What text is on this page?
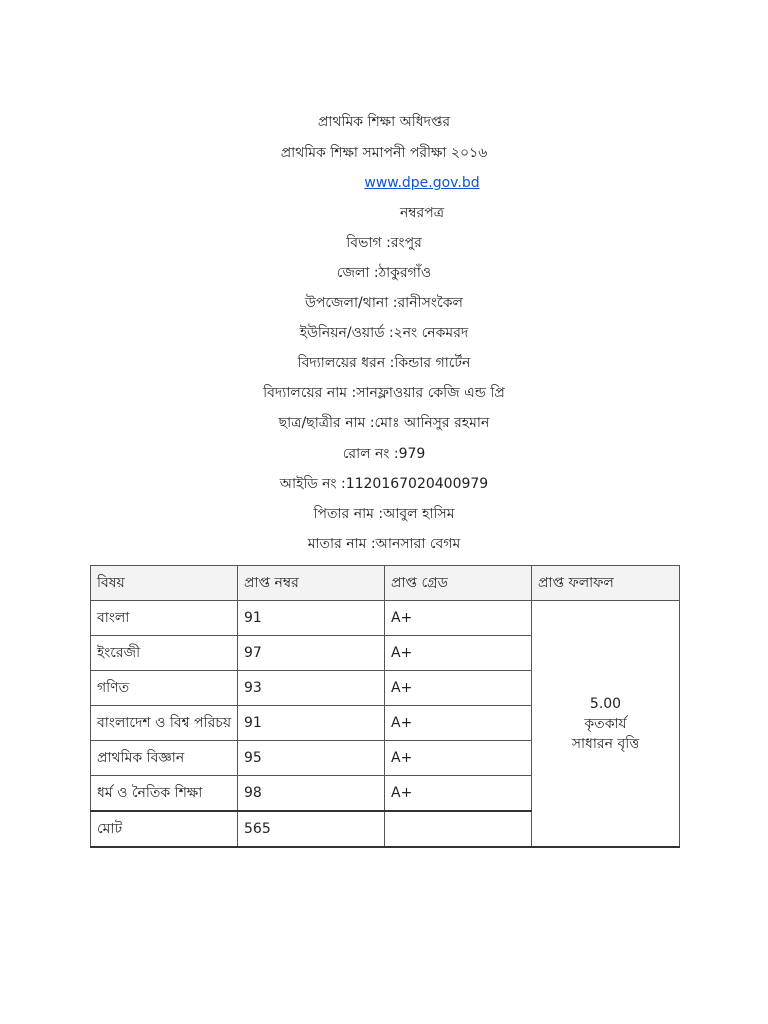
প্রাথমিক শিক্ষা অধিদপ্তর
প্রাথমিক শিক্ষা সমাপনী পরীক্ষা ২০১৬
www.dpe.gov.bd
নম্বরপত্র
বিভাগ :রংপুর
জেলা :ঠাকুরগাঁও
উপজেলা/থানা :রানীসংকৈল
ইউনিয়ন/ওয়ার্ড :২নং নেকমরদ
বিদ্যালয়ের ধরন :কিন্ডার গার্টেন
বিদ্যালয়ের নাম :সানফ্লাওয়ার কেজি এন্ড প্রি
ছাত্র/ছাত্রীর নাম :মোঃ আনিসুর রহমান
রোল নং :979
আইডি নং :112016702040097​9
পিতার নাম :আবুল হাসিম
মাতার নাম :আনসারা বেগম
বিষয়	প্রাপ্ত নম্বর	প্রাপ্ত গ্রেড	প্রাপ্ত ফলাফল
বাংলা	91	A+	5.00
কৃতকার্য
সাধারন বৃত্তি

ইংরেজী	97	A+	
গণিত	93	A+	
বাংলাদেশ ও বিশ্ব পরিচয়	91	A+	
প্রাথমিক বিজ্ঞান	95	A+	
ধর্ম ও নৈতিক শিক্ষা	98	A+	
মোট	565		
